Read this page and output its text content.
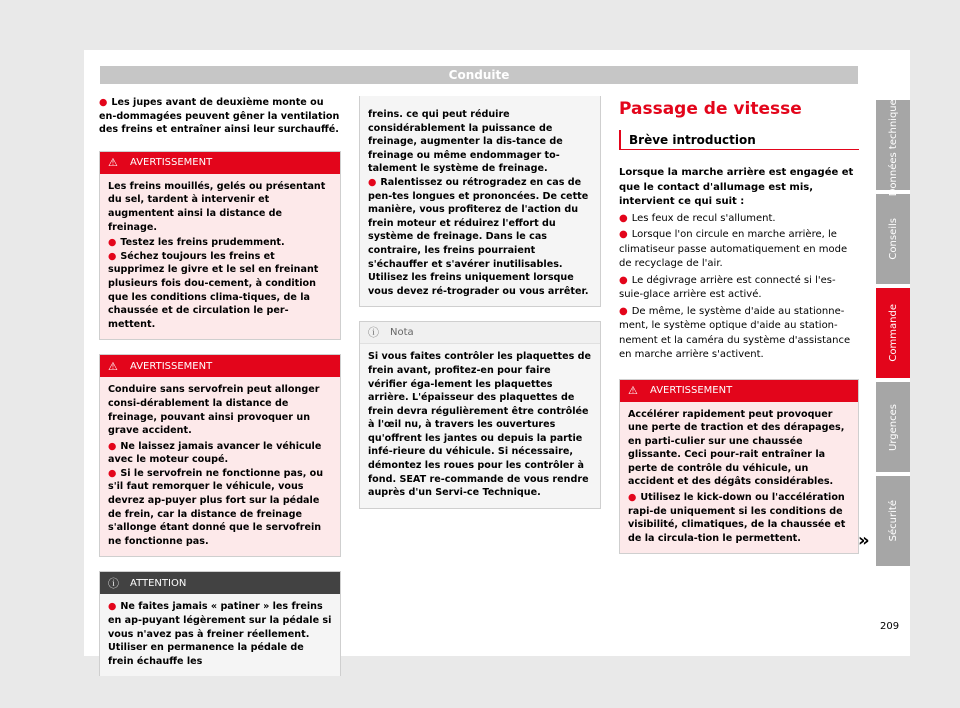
Conduite
● Les jupes avant de deuxième monte ou en-dommagées peuvent gêner la ventilation des freins et entraîner ainsi leur surchauffé.
⚠	AVERTISSEMENT
Les freins mouillés, gelés ou présentant du sel, tardent à intervenir et augmentent ainsi la distance de freinage.
● Testez les freins prudemment.
● Séchez toujours les freins et supprimez le givre et le sel en freinant plusieurs fois dou-cement, à condition que les conditions clima-tiques, de la chaussée et de circulation le per-mettent.
⚠	AVERTISSEMENT
Conduire sans servofrein peut allonger consi-dérablement la distance de freinage, pouvant ainsi provoquer un grave accident.
● Ne laissez jamais avancer le véhicule avec le moteur coupé.
● Si le servofrein ne fonctionne pas, ou s'il faut remorquer le véhicule, vous devrez ap-puyer plus fort sur la pédale de frein, car la distance de freinage s'allonge étant donné que le servofrein ne fonctionne pas.
ⓘ	ATTENTION
● Ne faites jamais « patiner » les freins en ap-puyant légèrement sur la pédale si vous n'avez pas à freiner réellement. Utiliser en permanence la pédale de frein échauffe les
freins. ce qui peut réduire considérablement la puissance de freinage, augmenter la dis-tance de freinage ou même endommager to-talement le système de freinage.
● Ralentissez ou rétrogradez en cas de pen-tes longues et prononcées. De cette manière, vous profiterez de l'action du frein moteur et réduirez l'effort du système de freinage. Dans le cas contraire, les freins pourraient s'échauffer et s'avérer inutilisables. Utilisez les freins uniquement lorsque vous devez ré-trograder ou vous arrêter.
ⓘ	Nota
Si vous faites contrôler les plaquettes de frein avant, profitez-en pour faire vérifier éga-lement les plaquettes arrière. L'épaisseur des plaquettes de frein devra régulièrement être contrôlée à l'œil nu, à travers les ouvertures qu'offrent les jantes ou depuis la partie infé-rieure du véhicule. Si nécessaire, démontez les roues pour les contrôler à fond. SEAT re-commande de vous rendre auprès d'un Servi-ce Technique.
Passage de vitesse
Brève introduction
Lorsque la marche arrière est engagée et que le contact d'allumage est mis, intervient ce qui suit :
● Les feux de recul s'allument.
● Lorsque l'on circule en marche arrière, le climatiseur passe automatiquement en mode de recyclage de l'air.
● Le dégivrage arrière est connecté si l'es-suie-glace arrière est activé.
● De même, le système d'aide au stationne-ment, le système optique d'aide au station-nement et la caméra du système d'assistance en marche arrière s'activent.
⚠	AVERTISSEMENT
Accélérer rapidement peut provoquer une perte de traction et des dérapages, en parti-culier sur une chaussée glissante. Ceci pour-rait entraîner la perte de contrôle du véhicule, un accident et des dégâts considérables.
● Utilisez le kick-down ou l'accélération rapi-de uniquement si les conditions de visibilité, climatiques, de la chaussée et de la circula-tion le permettent.	»
Données techniques
Conseils
Commande
Urgences
Sécurité
209
